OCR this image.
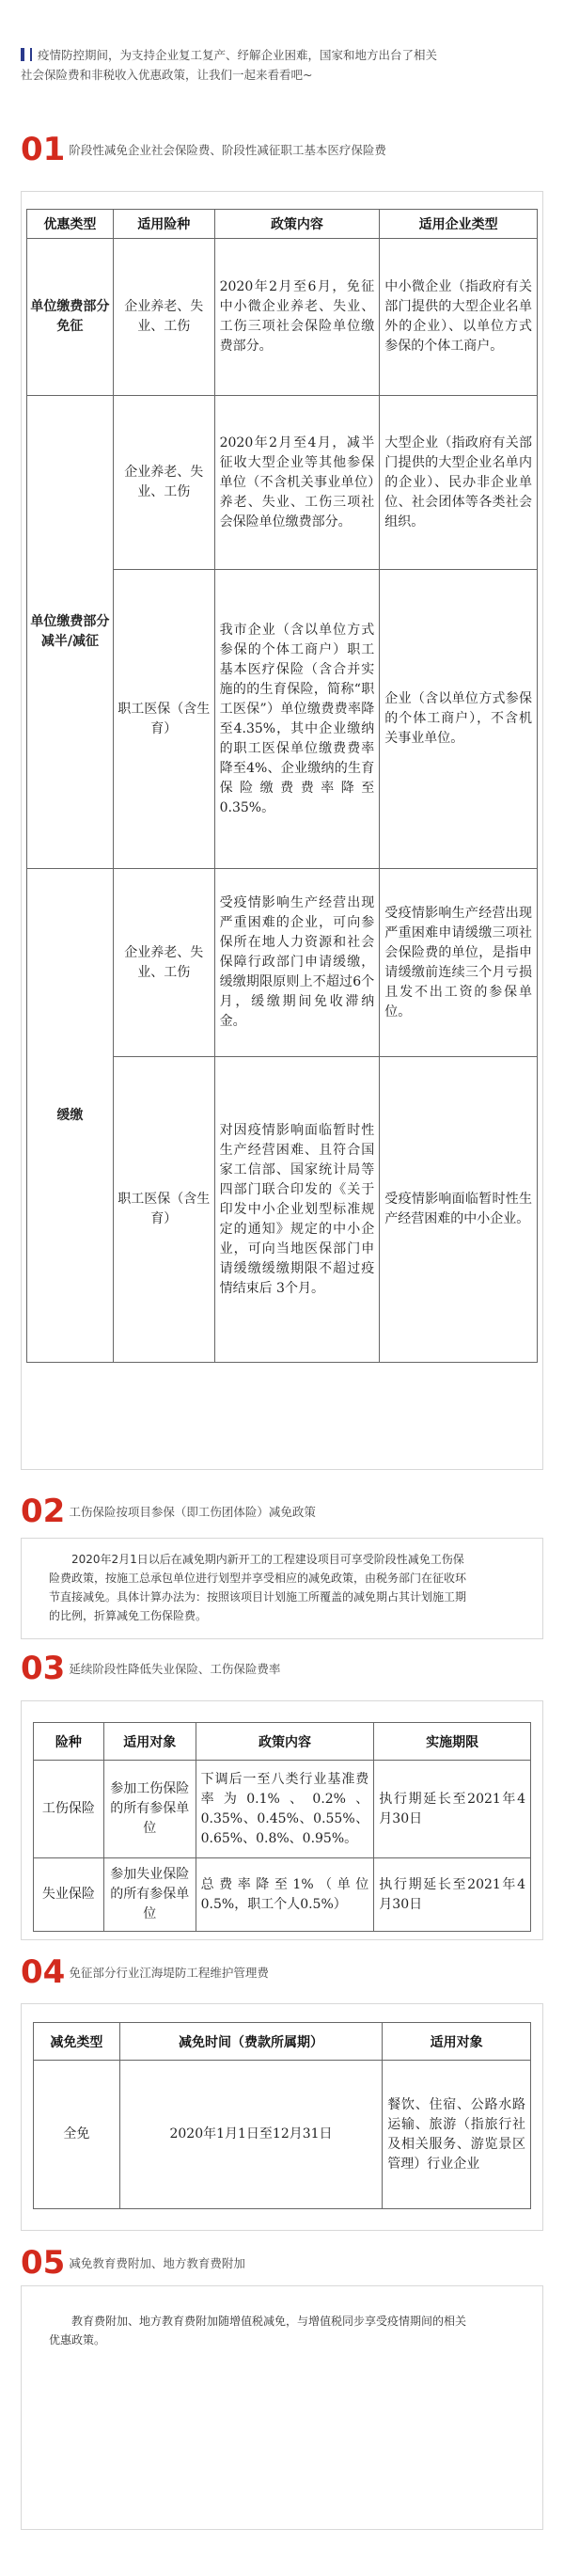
疫情防控期间，为支持企业复工复产、纾解企业困难，国家和地方出台了相关
社会保险费和非税收入优惠政策，让我们一起来看看吧~
01 阶段性减免企业社会保险费、阶段性减征职工基本医疗保险费
优惠类型	适用险种	政策内容	适用企业类型
单位缴费部分免征	企业养老、失业、工伤	2020年2月至6月，免征中小微企业养老、失业、工伤三项社会保险单位缴费部分。	中小微企业（指政府有关部门提供的大型企业名单外的企业）、以单位方式参保的个体工商户。
单位缴费部分减半/减征	企业养老、失业、工伤	2020年2月至4月，减半征收大型企业等其他参保单位（不含机关事业单位）养老、失业、工伤三项社会保险单位缴费部分。	大型企业（指政府有关部门提供的大型企业名单内的企业）、民办非企业单位、社会团体等各类社会组织。
	职工医保（含生育）	我市企业（含以单位方式参保的个体工商户）职工基本医疗保险（含合并实施的的生育保险，简称“职工医保”）单位缴费费率降至4.35%，其中企业缴纳的职工医保单位缴费费率降至4%、企业缴纳的生育保险缴费费率降至0.35%。	企业（含以单位方式参保的个体工商户），不含机关事业单位。
缓缴	企业养老、失业、工伤	受疫情影响生产经营出现严重困难的企业，可向参保所在地人力资源和社会保障行政部门申请缓缴，缓缴期限原则上不超过6个月，缓缴期间免收滞纳金。	受疫情影响生产经营出现严重困难申请缓缴三项社会保险费的单位，是指申请缓缴前连续三个月亏损且发不出工资的参保单位。
	职工医保（含生育）	对因疫情影响面临暂时性生产经营困难、且符合国家工信部、国家统计局等四部门联合印发的《关于印发中小企业划型标准规定的通知》规定的中小企业，可向当地医保部门申请缓缴缓缴期限不超过疫情结束后 3个月。	受疫情影响面临暂时性生产经营困难的中小企业。
02 工伤保险按项目参保（即工伤团体险）减免政策
2020年2月1日以后在减免期内新开工的工程建设项目可享受阶段性减免工伤保
险费政策，按施工总承包单位进行划型并享受相应的减免政策，由税务部门在征收环
节直接减免。具体计算办法为：按照该项目计划施工所覆盖的减免期占其计划施工期
的比例，折算减免工伤保险费。
03 延续阶段性降低失业保险、工伤保险费率
险种	适用对象	政策内容	实施期限
工伤保险	参加工伤保险的所有参保单位	下调后一至八类行业基准费率为0.1%、0.2%、0.35%、0.45%、0.55%、0.65%、0.8%、0.95%。	执行期延长至2021年4月30日
失业保险	参加失业保险的所有参保单位	总费率降至1%（单位0.5%，职工个人0.5%）	执行期延长至2021年4月30日
04 免征部分行业江海堤防工程维护管理费
减免类型	减免时间（费款所属期）	适用对象
全免	2020年1月1日至12月31日	餐饮、住宿、公路水路运输、旅游（指旅行社及相关服务、游览景区管理）行业企业
05 减免教育费附加、地方教育费附加
教育费附加、地方教育费附加随增值税减免，与增值税同步享受疫情期间的相关
优惠政策。
